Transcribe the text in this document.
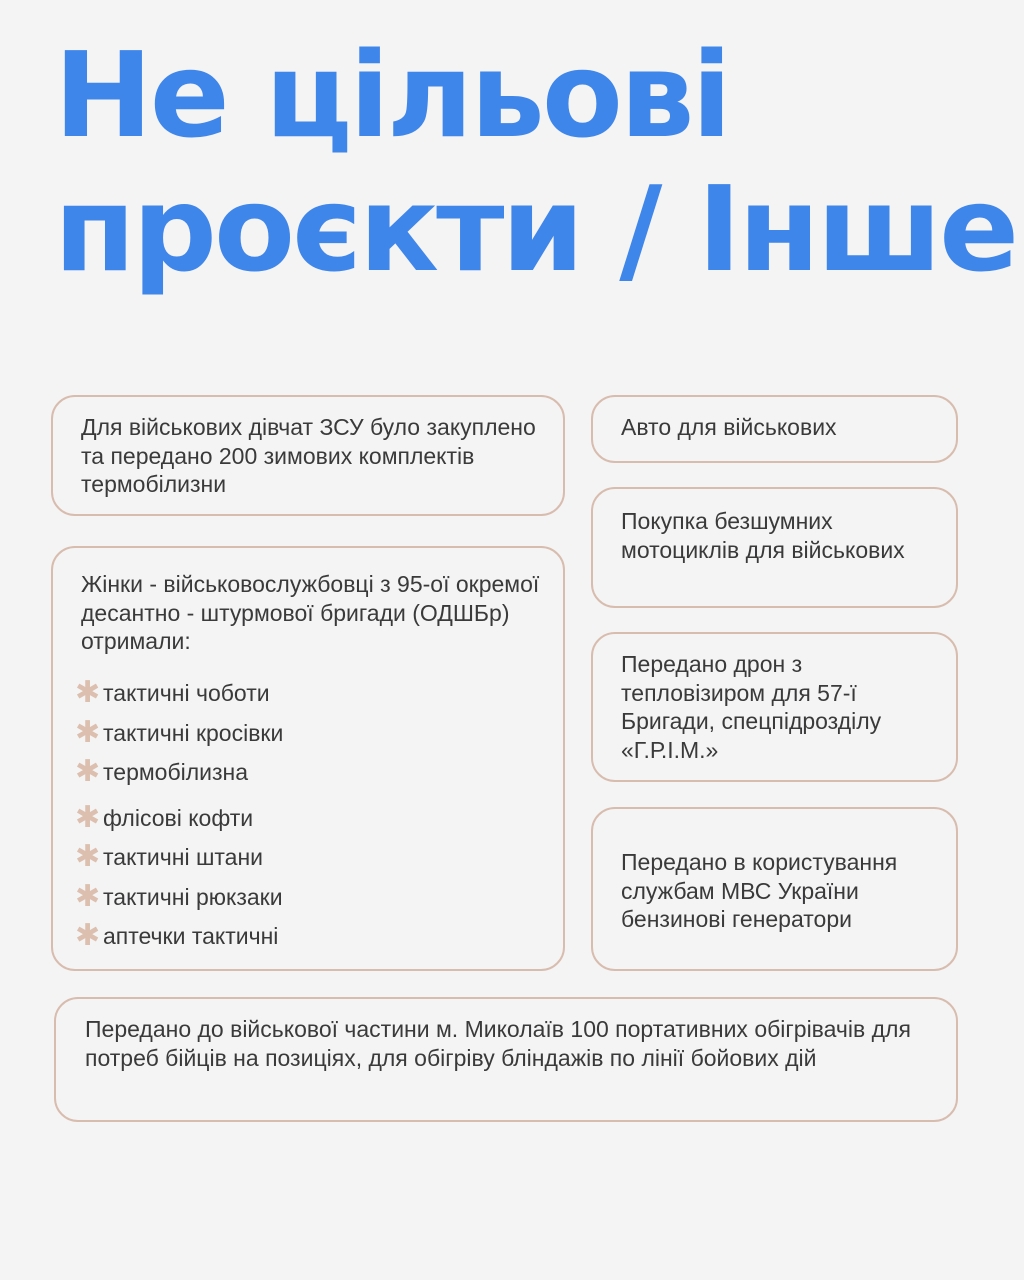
Не цільові
проєкти / Інше

Для військових дівчат ЗСУ було закуплено та передано 200 зимових комплектів термобілизни

Авто для військових

Покупка безшумних мотоциклів для військових

Передано дрон з тепловізиром для 57-ї Бригади, спецпідрозділу «Г.Р.І.М.»

Передано в користування службам МВС України бензинові генератори

Жінки - військовослужбовці з 95-ої окремої десантно - штурмової бригади (ОДШБр) отримали:

✱ тактичні чоботи
✱ тактичні кросівки
✱ термобілизна
✱ флісові кофти
✱ тактичні штани
✱ тактичні рюкзаки
✱ аптечки тактичні

Передано до військової частини м. Миколаїв 100 портативних обігрівачів для потреб бійців на позиціях, для обігріву бліндажів по лінії бойових дій
